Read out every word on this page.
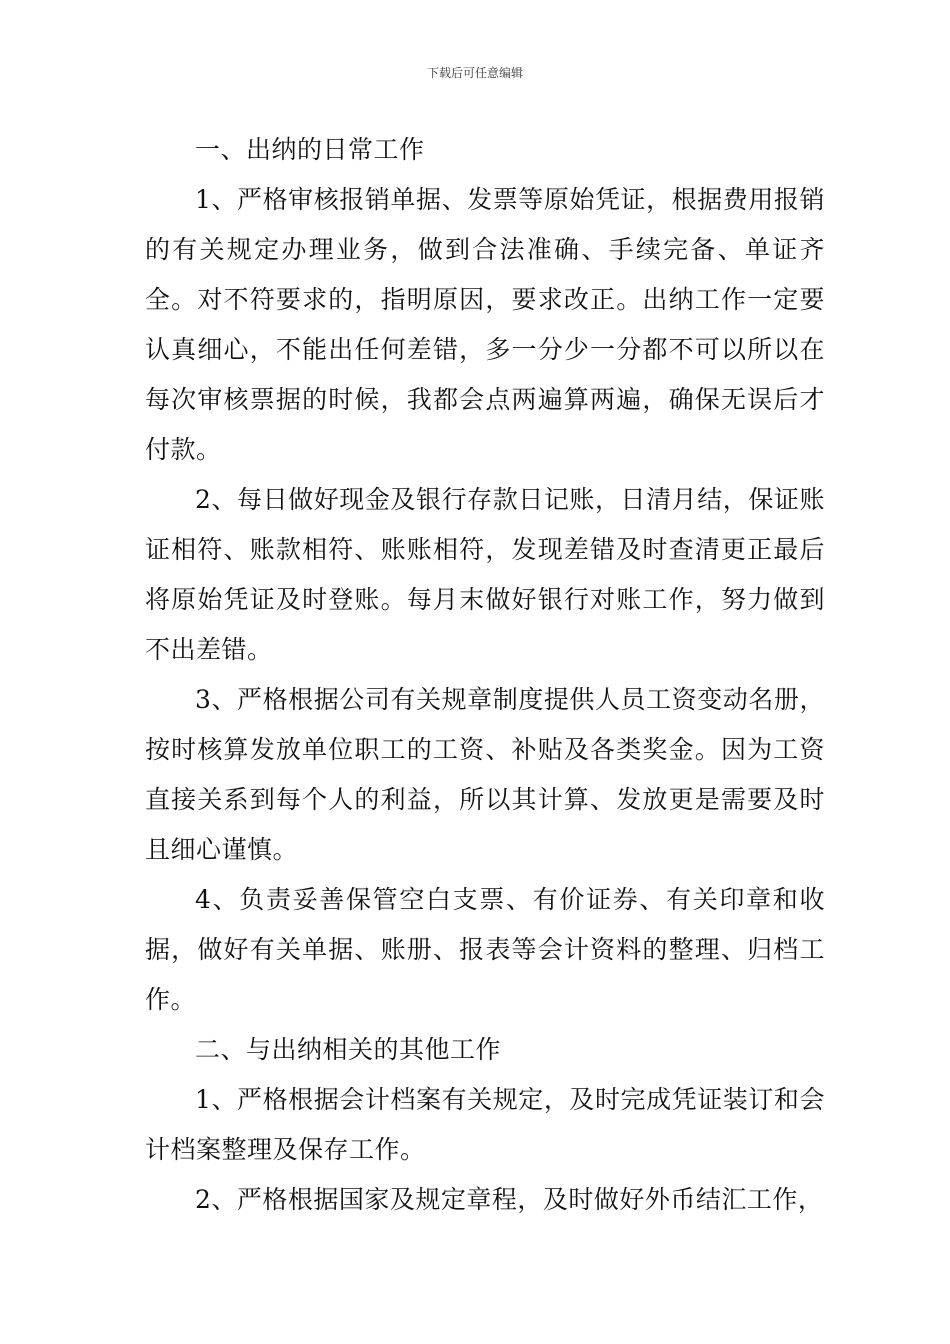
下载后可任意编辑

一、出纳的日常工作

1、严格审核报销单据、发票等原始凭证，根据费用报销的有关规定办理业务，做到合法准确、手续完备、单证齐全。对不符要求的，指明原因，要求改正。出纳工作一定要认真细心，不能出任何差错，多一分少一分都不可以所以在每次审核票据的时候，我都会点两遍算两遍，确保无误后才付款。

2、每日做好现金及银行存款日记账，日清月结，保证账证相符、账款相符、账账相符，发现差错及时查清更正最后将原始凭证及时登账。每月末做好银行对账工作，努力做到不出差错。

3、严格根据公司有关规章制度提供人员工资变动名册，按时核算发放单位职工的工资、补贴及各类奖金。因为工资直接关系到每个人的利益，所以其计算、发放更是需要及时且细心谨慎。

4、负责妥善保管空白支票、有价证券、有关印章和收据，做好有关单据、账册、报表等会计资料的整理、归档工作。

二、与出纳相关的其他工作

1、严格根据会计档案有关规定，及时完成凭证装订和会计档案整理及保存工作。

2、严格根据国家及规定章程，及时做好外币结汇工作，
